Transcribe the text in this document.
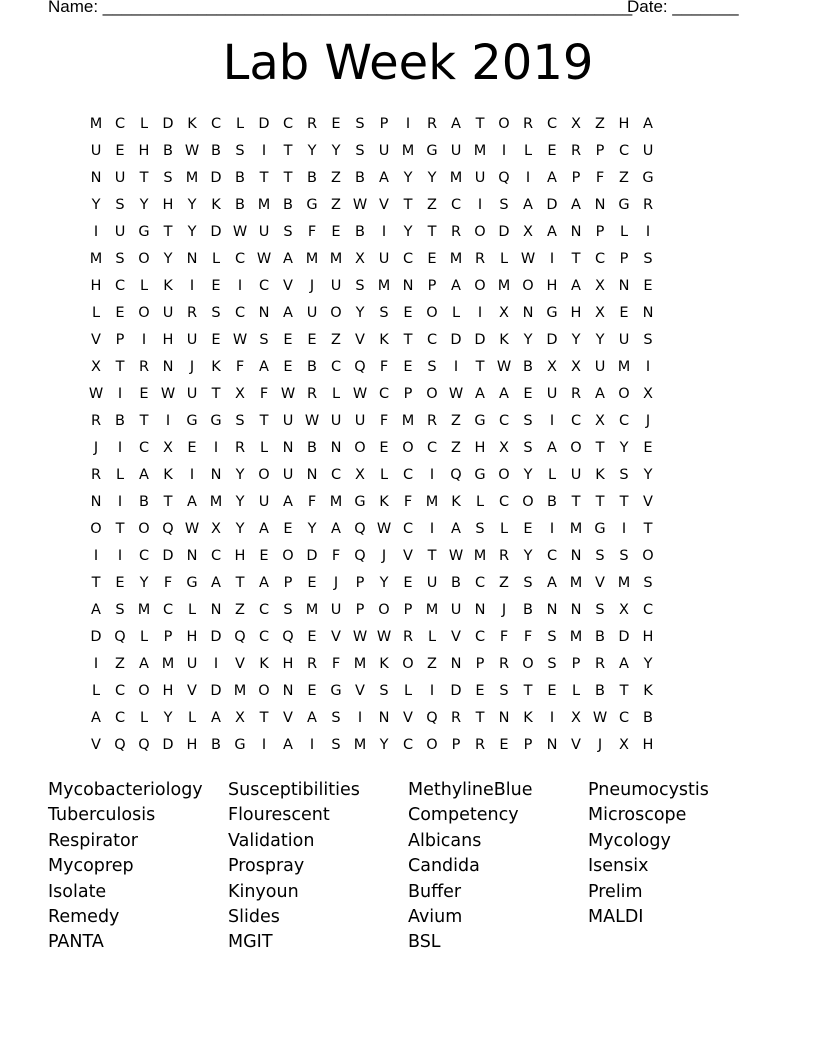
Name: ________________________________________________________
Date: _______
Lab Week 2019
M C	L D K C	L D C R E	S	P	I	R A	T O R C X Z H A
U E H B W B S	I	T	Y	Y	S U M G U M	I	L	E R	P	C U
N U T	S M D B	T	T	B Z B A	Y	Y M U Q	I	A	P	F	Z G
Y	S	Y H Y	K B M B G Z W V	T	Z C	I	S A D A N G R
I	U G T	Y D W U S	F	E B	I	Y	T	R O D X A N P	L	I
M S O Y N	L	C W A M M X U C E M R	L W	I	T	C	P	S
H C	L	K	I	E	I	C V	J	U S M N P	A O M O H A X N E
L	E O U R S C N A U O Y	S	E O L	I	X N G H X E N
V	P	I	H U E W S	E	E Z V K	T	C D D K	Y D Y	Y U S
X	T	R N	J	K	F	A E B C Q F	E	S	I	T W B X X U M	I
W	I	E W U T	X	F W R	L W C	P O W A A E U R A O X
R B	T	I	G G S	T U W U U	F M R Z G C S	I	C X C	J
J	I	C X E	I	R	L	N B N O E O C Z H X S A O T	Y	E
R	L	A K	I	N Y O U N C X	L	C	I	Q G O Y	L	U K	S	Y
N	I	B	T	A M Y U A	F M G K	F M K	L	C O B	T	T	T	V
O T O Q W X	Y	A E	Y	A Q W C	I	A S	L	E	I	M G	I	T
I	I	C D N C H E O D F Q	J	V	T W M R	Y	C N S	S O
T	E	Y	F G A	T	A	P	E	J	P	Y	E U B C Z S A M V M S
A S M C	L	N Z C S M U P O P M U N	J	B N N S X C
D Q L	P H D Q C Q E V W W R	L	V C	F	F	S M B D H
I	Z A M U	I	V K H R	F M K O Z N P	R O S	P	R A	Y
L	C O H V D M O N E G V S	L	I	D E	S	T	E	L	B	T	K
A C	L	Y	L	A X	T	V A S	I	N V Q R	T N K	I	X W C B
V Q Q D H B G	I	A	I	S M Y	C O P	R E	P N V	J	X H
Mycobacteriology
Tuberculosis
Respirator
Mycoprep
Isolate
Remedy
PANTA
Susceptibilities
Flourescent
Validation
Prospray
Kinyoun
Slides
MGIT
MethylineBlue
Competency
Albicans
Candida
Buffer
Avium
BSL
Pneumocystis
Microscope
Mycology
Isensix
Prelim
MALDI
